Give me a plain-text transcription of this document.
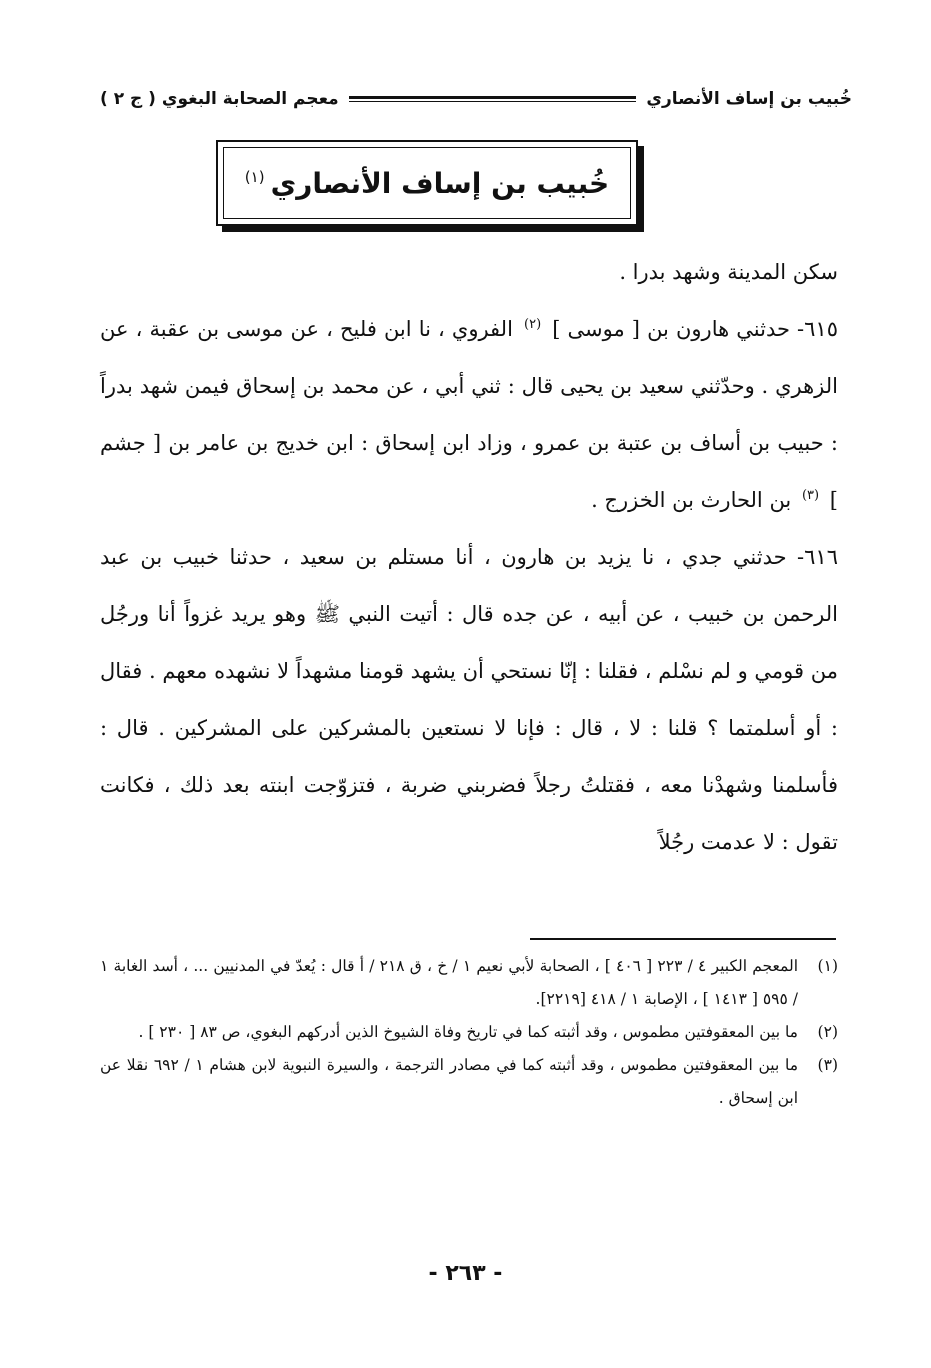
خُبيب بن إساف الأنصاري
معجم الصحابة البغوي ( ج ٢ )
خُبيب بن إساف الأنصاري$^{(١)}$

سكن المدينة وشهد بدرا .

٦١٥- حدثني هارون بن [ موسى ] $^{(٢)}$ الفروي ، نا ابن فليح ، عن موسى بن عقبة ، عن الزهري . وحدّثني سعيد بن يحيى قال : ثني أبي ، عن محمد بن إسحاق فيمن شهد بدراً : حبيب بن أساف بن عتبة بن عمرو ، وزاد ابن إسحاق : ابن خديج بن عامر بن [ جشم ] $^{(٣)}$ بن الحارث بن الخزرج .

٦١٦- حدثني جدي ، نا يزيد بن هارون ، أنا مستلم بن سعيد ، حدثنا خبيب بن عبد الرحمن بن خبيب ، عن أبيه ، عن جده قال : أتيت النبي ﷺ وهو يريد غزواً أنا ورجُل من قومي و لم نسْلم ، فقلنا : إنّا نستحي أن يشهد قومنا مشهداً لا نشهده معهم . فقال : أو أسلمتما ؟ قلنا : لا ، قال : فإنا لا نستعين بالمشركين على المشركين . قال : فأسلمنا وشهدْنا معه ، فقتلتُ رجلاً فضربني ضربة ، فتزوّجت ابنته بعد ذلك ، فكانت تقول : لا عدمت رجُلاً

(١)
المعجم الكبير ٤ / ٢٢٣ [ ٤٠٦ ] ، الصحابة لأبي نعيم ١ / خ ، ق ٢١٨ / أ قال : يُعدّ في المدنيين ... ، أسد الغابة ١ / ٥٩٥ [ ١٤١٣ ] ، الإصابة ١ / ٤١٨ [٢٢١٩].
(٢)
ما بين المعقوفتين مطموس ، وقد أثبته كما في تاريخ وفاة الشيوخ الذين أدركهم البغوي، ص ٨٣ [ ٢٣٠ ] .
(٣)
ما بين المعقوفتين مطموس ، وقد أثبته كما في مصادر الترجمة ، والسيرة النبوية لابن هشام ١ / ٦٩٢ نقلا عن ابن إسحاق .
- ٢٦٣ -
